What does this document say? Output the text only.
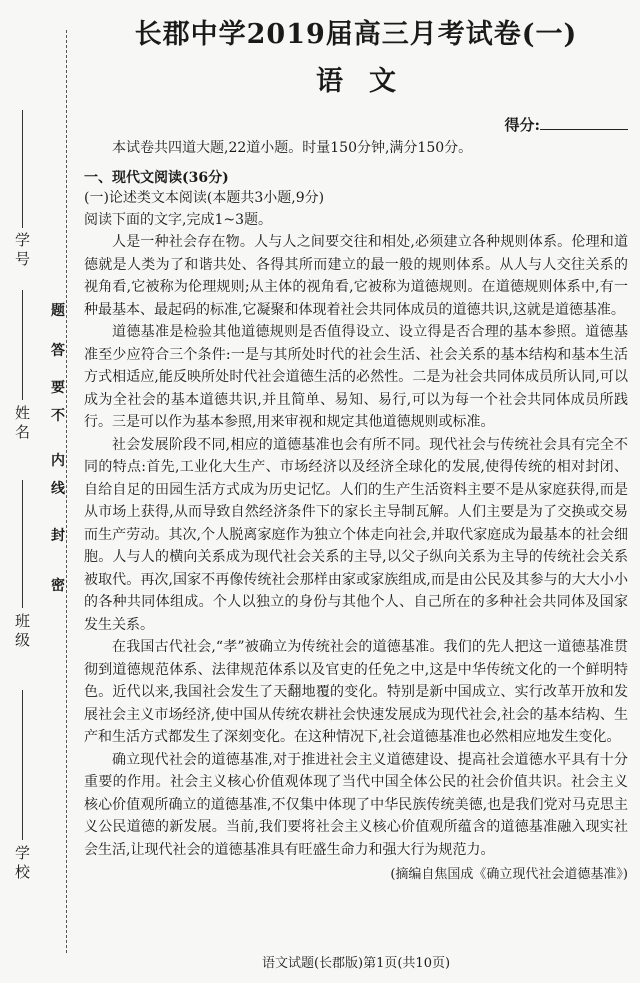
学校
班级
姓名
学号
密
封
线
内
不
要
答
题
长郡中学2019届高三月考试卷(一)
语文
得分:
本试卷共四道大题,22道小题。时量150分钟,满分150分。
一、现代文阅读(36分)
(一)论述类文本阅读(本题共3小题,9分)
阅读下面的文字,完成1~3题。

人是一种社会存在物。人与人之间要交往和相处,必须建立各种规则体系。伦理和道德就是人类为了和谐共处、各得其所而建立的最一般的规则体系。从人与人交往关系的视角看,它被称为伦理规则;从主体的视角看,它被称为道德规则。在道德规则体系中,有一种最基本、最起码的标准,它凝聚和体现着社会共同体成员的道德共识,这就是道德基准。

道德基准是检验其他道德规则是否值得设立、设立得是否合理的基本参照。道德基准至少应符合三个条件:一是与其所处时代的社会生活、社会关系的基本结构和基本生活方式相适应,能反映所处时代社会道德生活的必然性。二是为社会共同体成员所认同,可以成为全社会的基本道德共识,并且简单、易知、易行,可以为每一个社会共同体成员所践行。三是可以作为基本参照,用来审视和规定其他道德规则或标准。

社会发展阶段不同,相应的道德基准也会有所不同。现代社会与传统社会具有完全不同的特点:首先,工业化大生产、市场经济以及经济全球化的发展,使得传统的相对封闭、自给自足的田园生活方式成为历史记忆。人们的生产生活资料主要不是从家庭获得,而是从市场上获得,从而导致自然经济条件下的家长主导制瓦解。人们主要是为了交换或交易而生产劳动。其次,个人脱离家庭作为独立个体走向社会,并取代家庭成为最基本的社会细胞。人与人的横向关系成为现代社会关系的主导,以父子纵向关系为主导的传统社会关系被取代。再次,国家不再像传统社会那样由家或家族组成,而是由公民及其参与的大大小小的各种共同体组成。个人以独立的身份与其他个人、自己所在的多种社会共同体及国家发生关系。

在我国古代社会,“孝”被确立为传统社会的道德基准。我们的先人把这一道德基准贯彻到道德规范体系、法律规范体系以及官吏的任免之中,这是中华传统文化的一个鲜明特色。近代以来,我国社会发生了天翻地覆的变化。特别是新中国成立、实行改革开放和发展社会主义市场经济,使中国从传统农耕社会快速发展成为现代社会,社会的基本结构、生产和生活方式都发生了深刻变化。在这种情况下,社会道德基准也必然相应地发生变化。

确立现代社会的道德基准,对于推进社会主义道德建设、提高社会道德水平具有十分重要的作用。社会主义核心价值观体现了当代中国全体公民的社会价值共识。社会主义核心价值观所确立的道德基准,不仅集中体现了中华民族传统美德,也是我们党对马克思主义公民道德的新发展。当前,我们要将社会主义核心价值观所蕴含的道德基准融入现实社会生活,让现代社会的道德基准具有旺盛生命力和强大行为规范力。

(摘编自焦国成《确立现代社会道德基准》)
语文试题(长郡版)第1页(共10页)
